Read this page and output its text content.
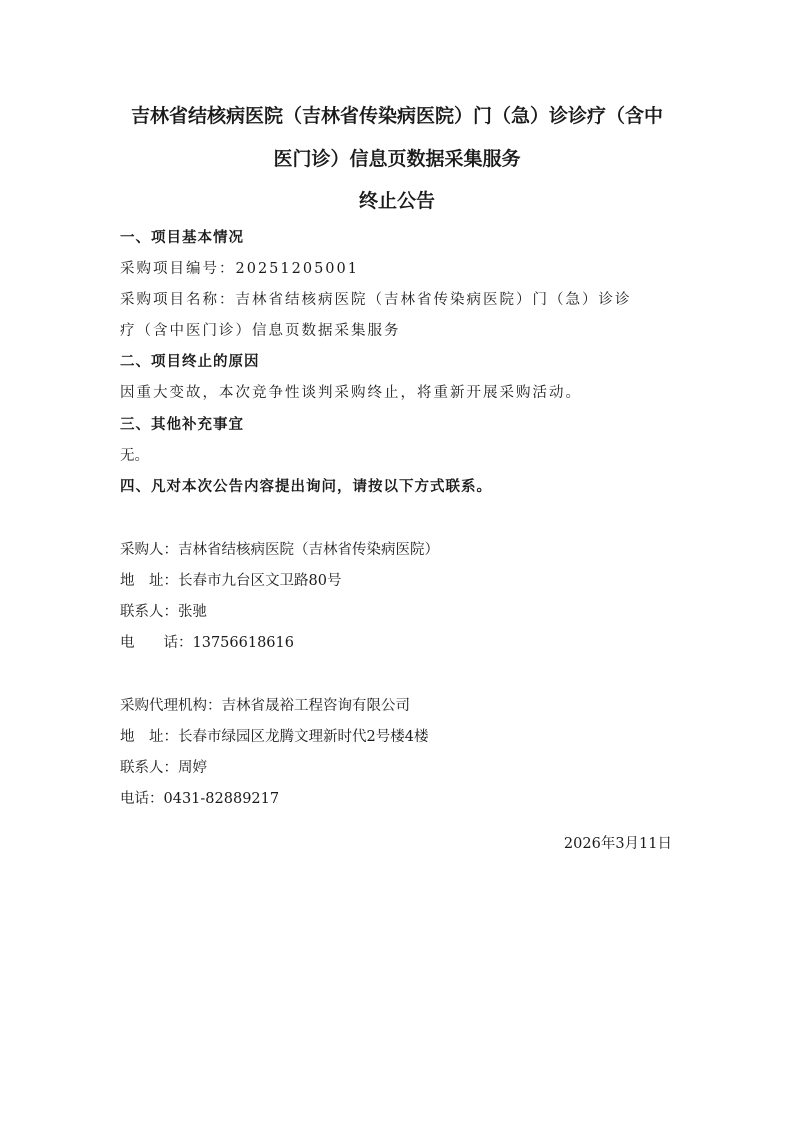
吉林省结核病医院（吉林省传染病医院）门（急）诊诊疗（含中
医门诊）信息页数据采集服务
终止公告
一、项目基本情况
采购项目编号：20251205001
采购项目名称：吉林省结核病医院（吉林省传染病医院）门（急）诊诊
疗（含中医门诊）信息页数据采集服务
二、项目终止的原因
因重大变故，本次竞争性谈判采购终止，将重新开展采购活动。
三、其他补充事宜
无。
四、凡对本次公告内容提出询问，请按以下方式联系。
采购人：吉林省结核病医院（吉林省传染病医院）
地　址：长春市九台区文卫路80号
联系人：张驰
电　　话：13756618616
采购代理机构：吉林省晟裕工程咨询有限公司
地　址：长春市绿园区龙腾文理新时代2号楼4楼
联系人：周婷
电话：0431-82889217
2026年3月11日
